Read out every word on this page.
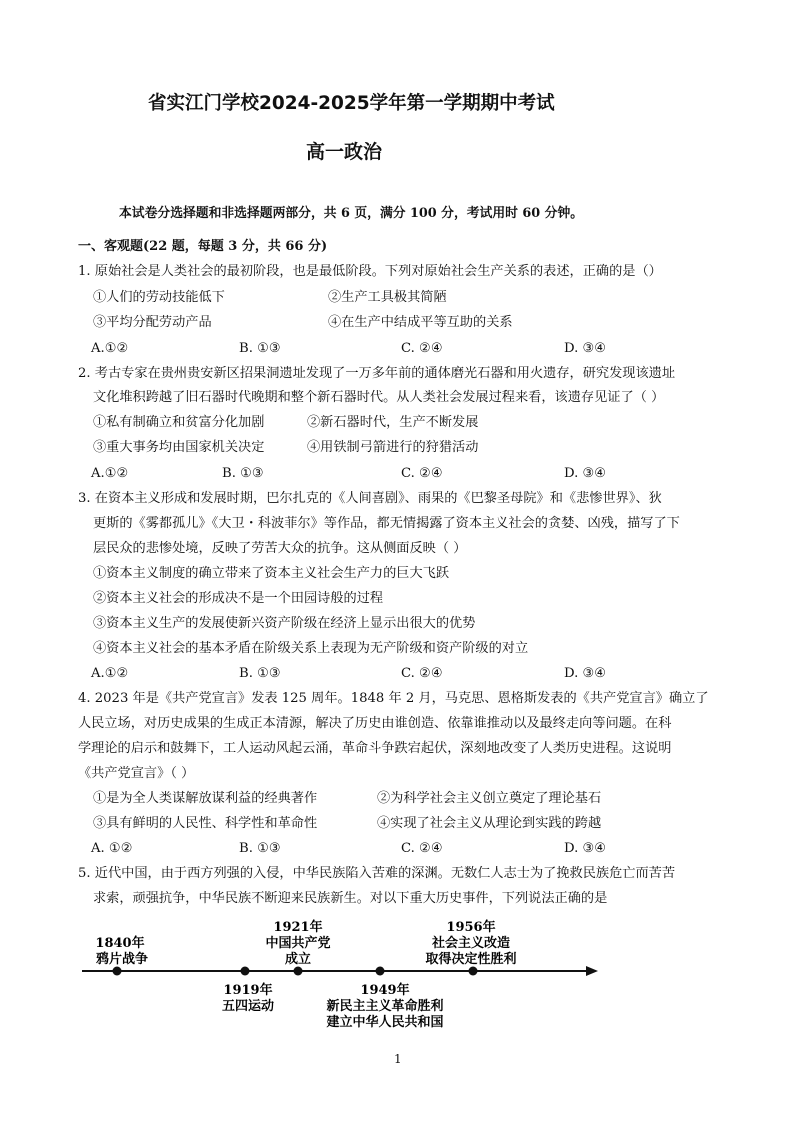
省实江门学校2024-2025学年第一学期期中考试
高一政治
本试卷分选择题和非选择题两部分，共 6 页，满分 100 分，考试用时 60 分钟。
一、客观题(22 题，每题 3 分，共 66 分)
1. 原始社会是人类社会的最初阶段，也是最低阶段。下列对原始社会生产关系的表述，正确的是（）
①人们的劳动技能低下	②生产工具极其简陋
③平均分配劳动产品	④在生产中结成平等互助的关系
A.①②	B. ①③	C. ②④	D. ③④
2. 考古专家在贵州贵安新区招果洞遗址发现了一万多年前的通体磨光石器和用火遗存，研究发现该遗址
文化堆积跨越了旧石器时代晚期和整个新石器时代。从人类社会发展过程来看，该遗存见证了（ ）
①私有制确立和贫富分化加剧	②新石器时代，生产不断发展
③重大事务均由国家机关决定	④用铁制弓箭进行的狩猎活动
A.①②	B. ①③	C. ②④	D. ③④
3. 在资本主义形成和发展时期，巴尔扎克的《人间喜剧》、雨果的《巴黎圣母院》和《悲惨世界》、狄
更斯的《雾都孤儿》《大卫・科波菲尔》等作品，都无情揭露了资本主义社会的贪婪、凶残，描写了下
层民众的悲惨处境，反映了劳苦大众的抗争。这从侧面反映（ ）
①资本主义制度的确立带来了资本主义社会生产力的巨大飞跃
②资本主义社会的形成决不是一个田园诗般的过程
③资本主义生产的发展使新兴资产阶级在经济上显示出很大的优势
④资本主义社会的基本矛盾在阶级关系上表现为无产阶级和资产阶级的对立
A.①②	B. ①③	C. ②④	D. ③④
4. 2023 年是《共产党宣言》发表 125 周年。1848 年 2 月，马克思、恩格斯发表的《共产党宣言》确立了
人民立场，对历史成果的生成正本清源，解决了历史由谁创造、依靠谁推动以及最终走向等问题。在科
学理论的启示和鼓舞下，工人运动风起云涌，革命斗争跌宕起伏，深刻地改变了人类历史进程。这说明
《共产党宣言》（ ）
①是为全人类谋解放谋利益的经典著作	②为科学社会主义创立奠定了理论基石
③具有鲜明的人民性、科学性和革命性	④实现了社会主义从理论到实践的跨越
A. ①②	B. ①③	C. ②④	D. ③④
5. 近代中国，由于西方列强的入侵，中华民族陷入苦难的深渊。无数仁人志士为了挽救民族危亡而苦苦
求索，顽强抗争，中华民族不断迎来民族新生。对以下重大历史事件，下列说法正确的是
1840年
鸦片战争
1921年
中国共产党
成立
1956年
社会主义改造
取得决定性胜利
1919年
五四运动
1949年
新民主主义革命胜利
建立中华人民共和国
1
